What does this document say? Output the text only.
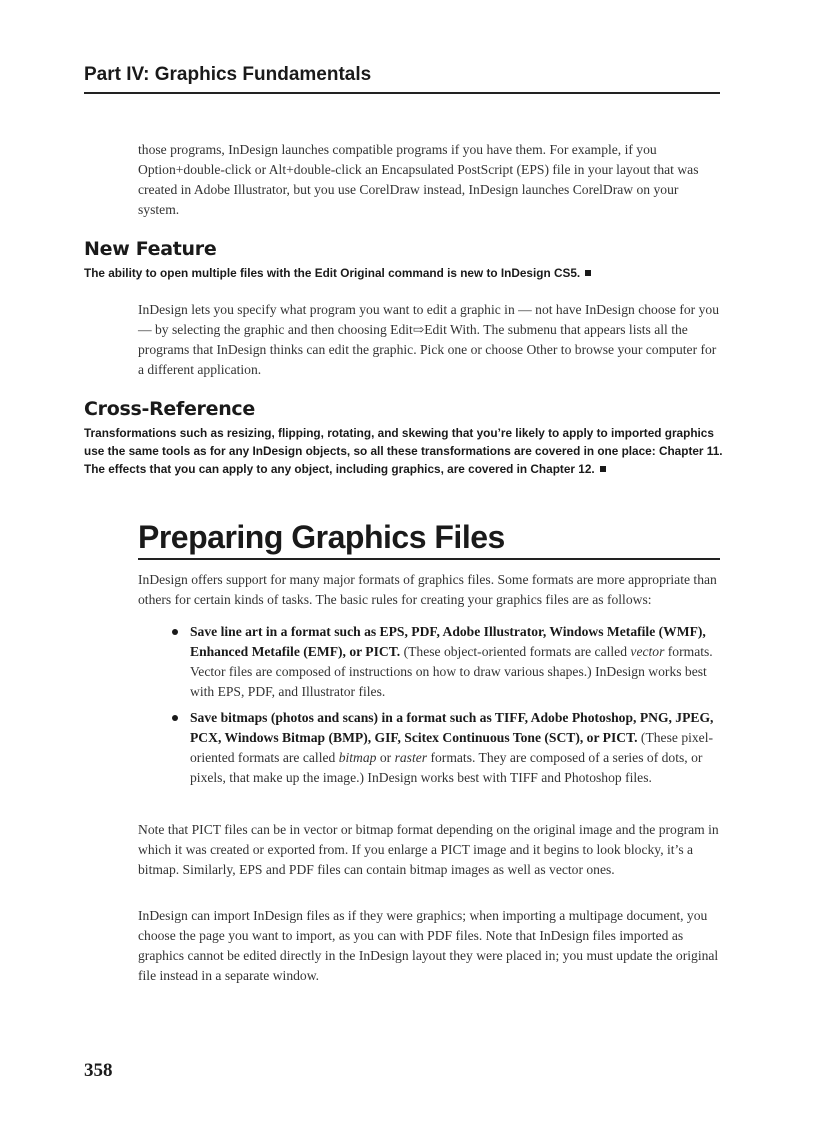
Part IV: Graphics Fundamentals

those programs, InDesign launches compatible programs if you have them. For example, if you Option+double-click or Alt+double-click an Encapsulated PostScript (EPS) file in your layout that was created in Adobe Illustrator, but you use CorelDraw instead, InDesign launches CorelDraw on your system.

New Feature

The ability to open multiple files with the Edit Original command is new to InDesign CS5.

InDesign lets you specify what program you want to edit a graphic in — not have InDesign choose for you — by selecting the graphic and then choosing Edit⇨Edit With. The submenu that appears lists all the programs that InDesign thinks can edit the graphic. Pick one or choose Other to browse your computer for a different application.

Cross-Reference

Transformations such as resizing, flipping, rotating, and skewing that you’re likely to apply to imported graphics use the same tools as for any InDesign objects, so all these transformations are covered in one place: Chapter 11. The effects that you can apply to any object, including graphics, are covered in Chapter 12.

Preparing Graphics Files

InDesign offers support for many major formats of graphics files. Some formats are more appropriate than others for certain kinds of tasks. The basic rules for creating your graphics files are as follows:

Save line art in a format such as EPS, PDF, Adobe Illustrator, Windows Metafile (WMF), Enhanced Metafile (EMF), or PICT. (These object-oriented formats are called vector formats. Vector files are composed of instructions on how to draw various shapes.) InDesign works best with EPS, PDF, and Illustrator files.
Save bitmaps (photos and scans) in a format such as TIFF, Adobe Photoshop, PNG, JPEG, PCX, Windows Bitmap (BMP), GIF, Scitex Continuous Tone (SCT), or PICT. (These pixel-oriented formats are called bitmap or raster formats. They are composed of a series of dots, or pixels, that make up the image.) InDesign works best with TIFF and Photoshop files.

Note that PICT files can be in vector or bitmap format depending on the original image and the program in which it was created or exported from. If you enlarge a PICT image and it begins to look blocky, it’s a bitmap. Similarly, EPS and PDF files can contain bitmap images as well as vector ones.

InDesign can import InDesign files as if they were graphics; when importing a multipage document, you choose the page you want to import, as you can with PDF files. Note that InDesign files imported as graphics cannot be edited directly in the InDesign layout they were placed in; you must update the original file instead in a separate window.

358
